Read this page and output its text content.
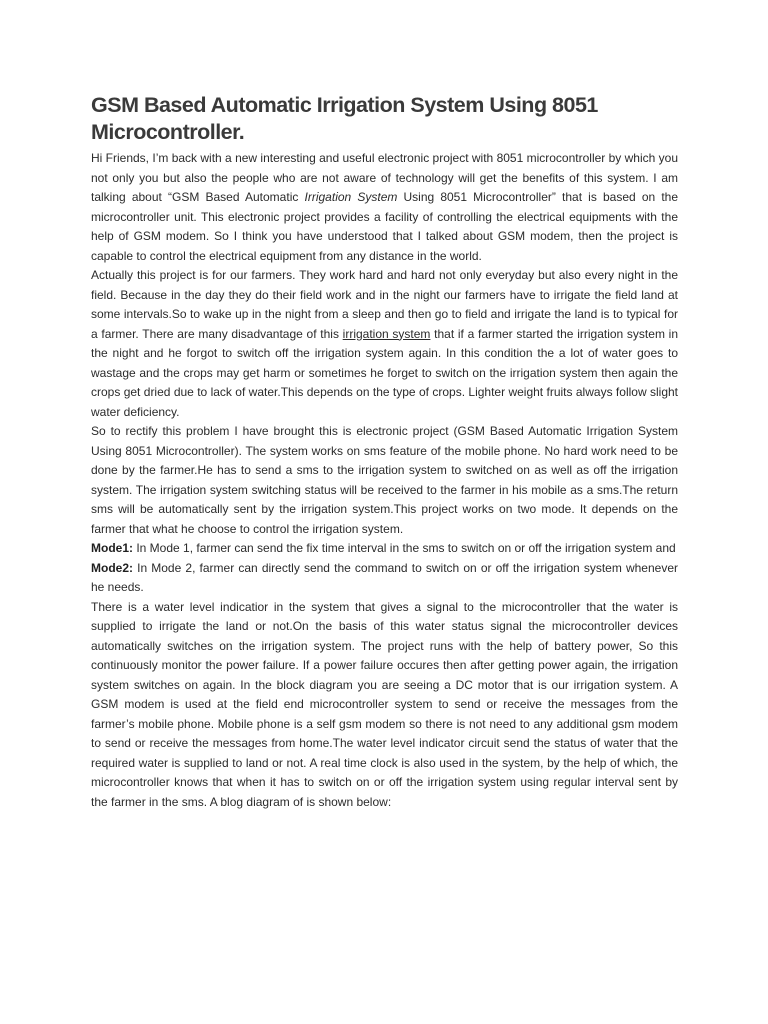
GSM Based Automatic Irrigation System Using 8051 Microcontroller.

Hi Friends, I’m back with a new interesting and useful electronic project with 8051 microcontroller by which you not only you but also the people who are not aware of technology will get the benefits of this system. I am talking about “GSM Based Automatic Irrigation System Using 8051 Microcontroller” that is based on the microcontroller unit. This electronic project provides a facility of controlling the electrical equipments with the help of GSM modem. So I think you have understood that I talked about GSM modem, then the project is capable to control the electrical equipment from any distance in the world.

Actually this project is for our farmers. They work hard and hard not only everyday but also every night in the field. Because in the day they do their field work and in the night our farmers have to irrigate the field land at some intervals.So to wake up in the night from a sleep and then go to field and irrigate the land is to typical for a farmer. There are many disadvantage of this irrigation system that if a farmer started the irrigation system in the night and he forgot to switch off the irrigation system again. In this condition the a lot of water goes to wastage and the crops may get harm or sometimes he forget to switch on the irrigation system then again the crops get dried due to lack of water.This depends on the type of crops. Lighter weight fruits always follow slight water deficiency.

So to rectify this problem I have brought this is electronic project (GSM Based Automatic Irrigation System Using 8051 Microcontroller). The system works on sms feature of the mobile phone. No hard work need to be done by the farmer.He has to send a sms to the irrigation system to switched on as well as off the irrigation system. The irrigation system switching status will be received to the farmer in his mobile as a sms.The return sms will be automatically sent by the irrigation system.This project works on two mode. It depends on the farmer that what he choose to control the irrigation system.

Mode1: In Mode 1, farmer can send the fix time interval in the sms to switch on or off the irrigation system and

Mode2: In Mode 2, farmer can directly send the command to switch on or off the irrigation system whenever he needs.

There is a water level indicatior in the system that gives a signal to the microcontroller that the water is supplied to irrigate the land or not.On the basis of this water status signal the microcontroller devices automatically switches on the irrigation system. The project runs with the help of battery power, So this continuously monitor the power failure. If a power failure occures then after getting power again, the irrigation system switches on again. In the block diagram you are seeing a DC motor that is our irrigation system. A GSM modem is used at the field end microcontroller system to send or receive the messages from the farmer’s mobile phone. Mobile phone is a self gsm modem so there is not need to any additional gsm modem to send or receive the messages from home.The water level indicator circuit send the status of water that the required water is supplied to land or not. A real time clock is also used in the system, by the help of which, the microcontroller knows that when it has to switch on or off the irrigation system using regular interval sent by the farmer in the sms. A blog diagram of is shown below:
